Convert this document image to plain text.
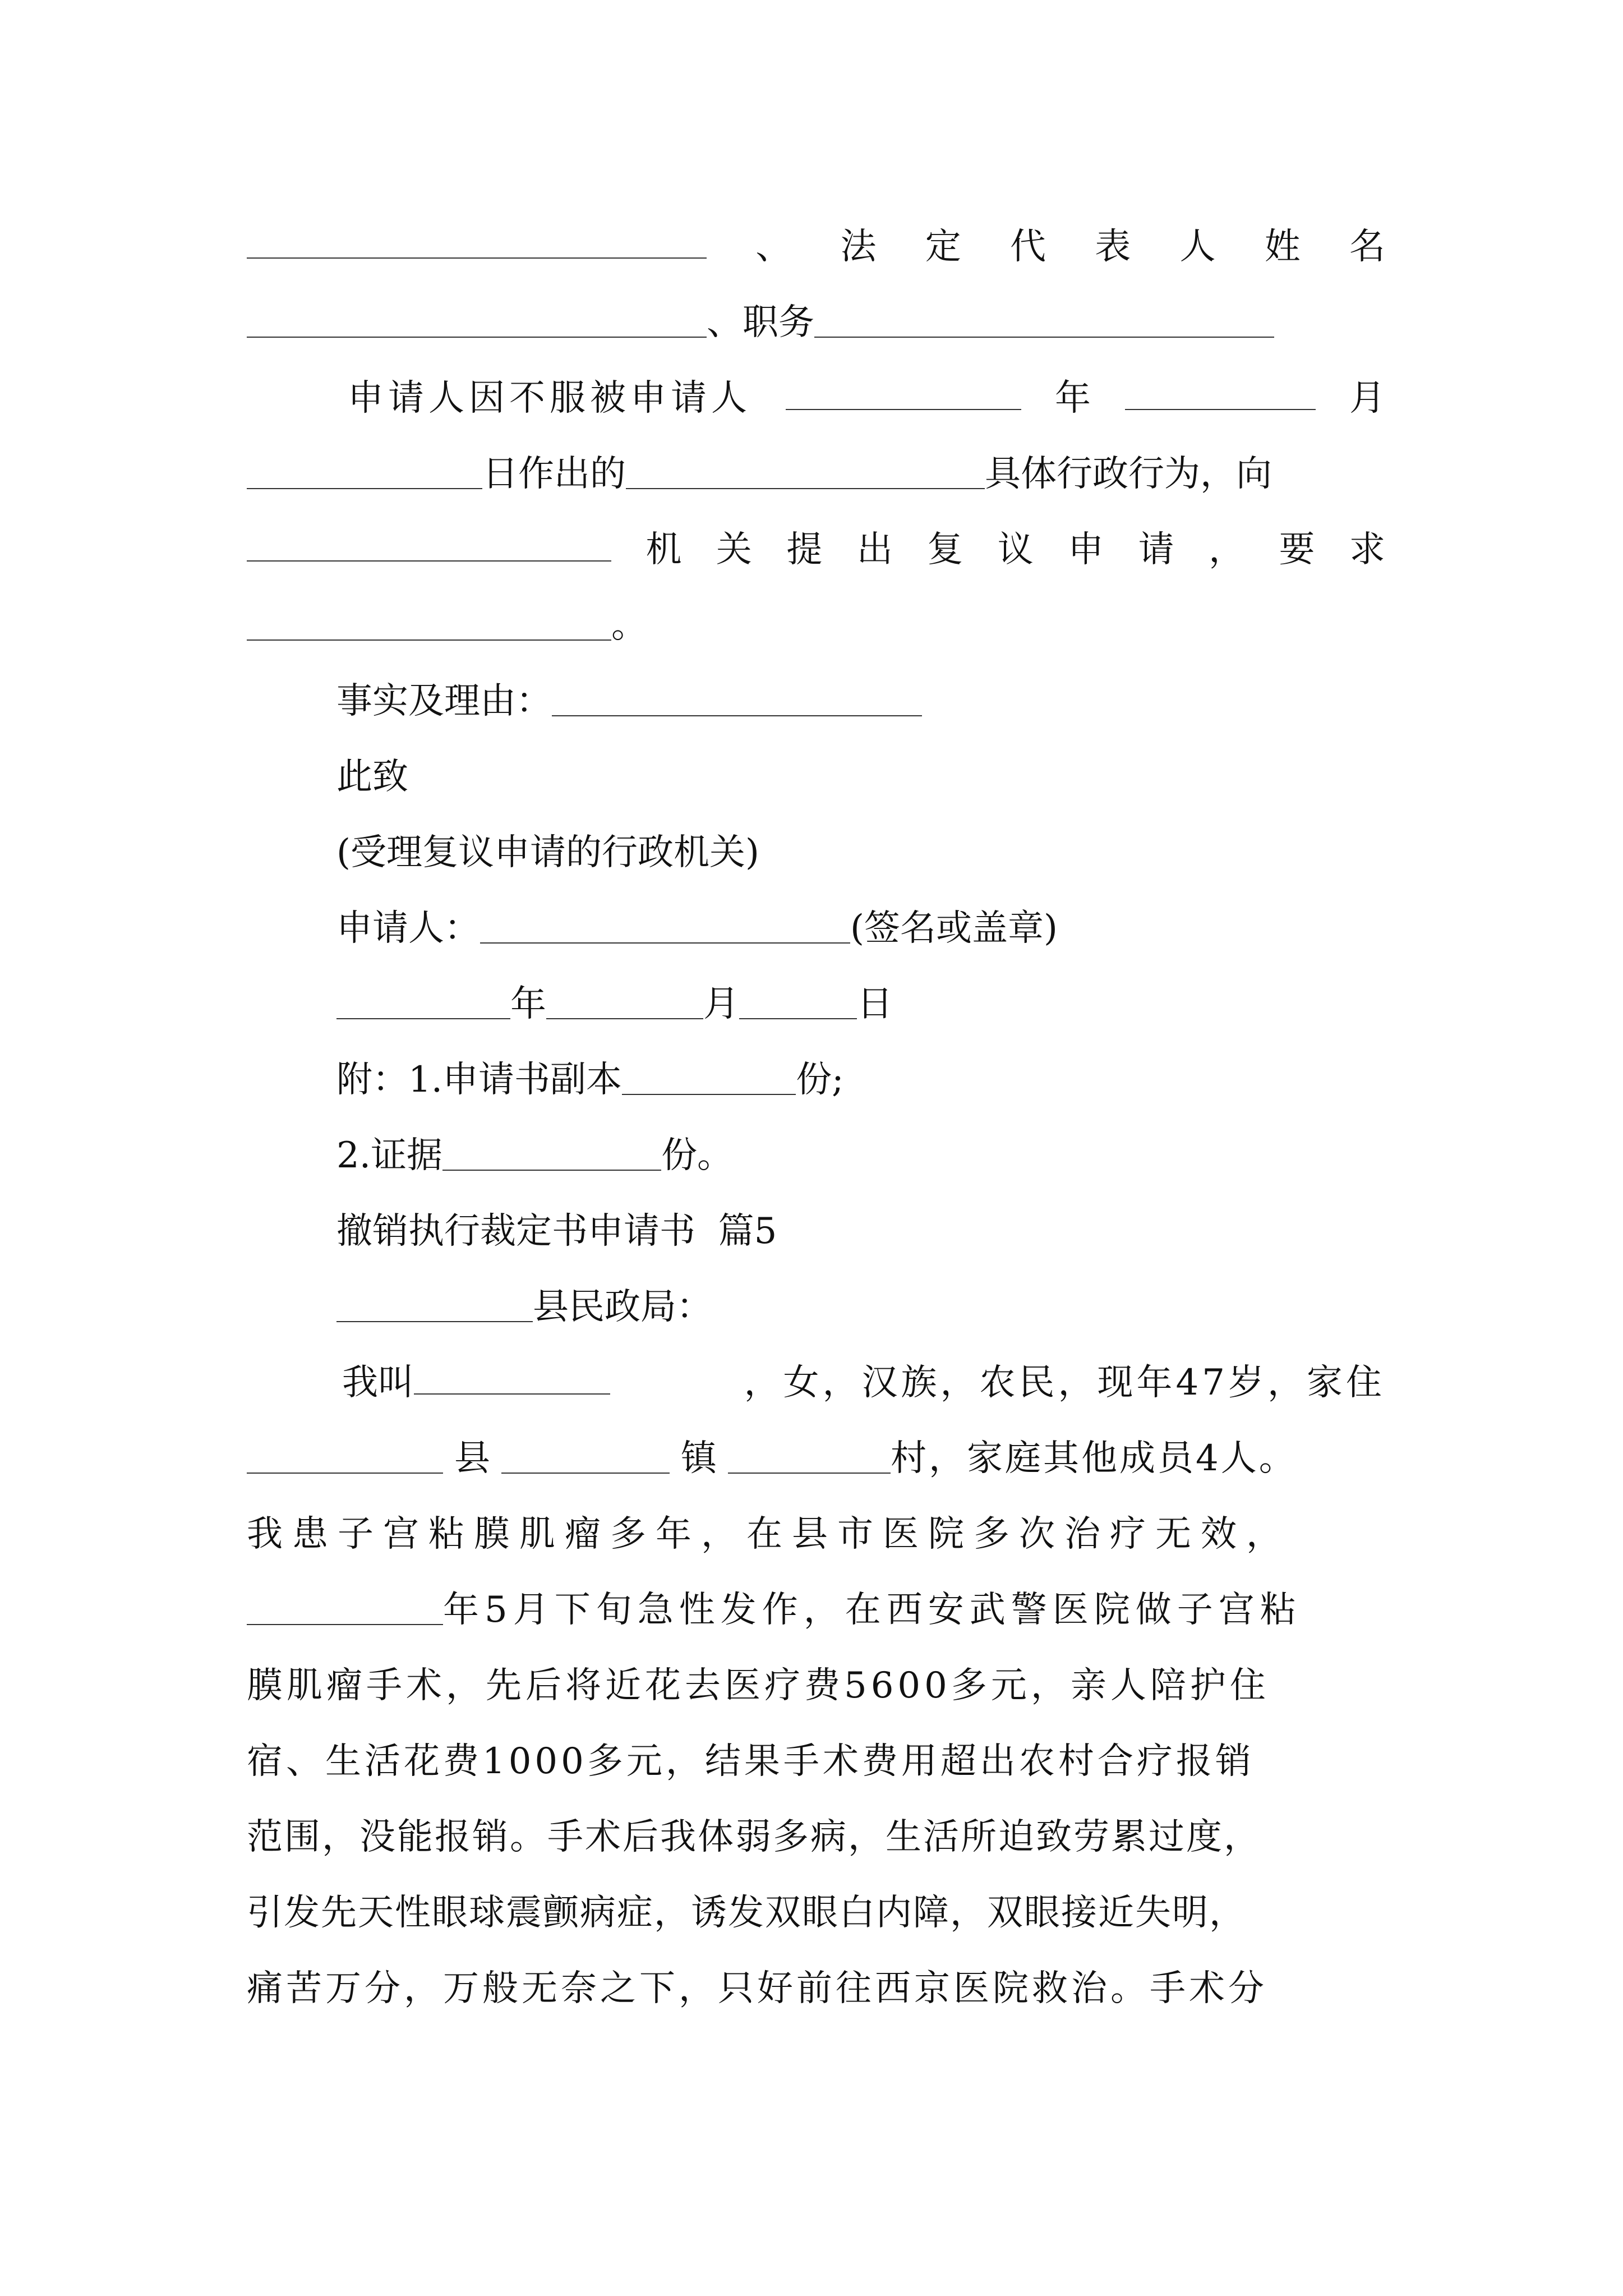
、 法 定 代 表 人 姓 名
、职务
申请人因不服被申请人	年	月
日作出的	具体行政行为，向
机 关 提 出 复 议 申 请 ， 要 求
。
事实及理由：
此致
(受理复议申请的行政机关)
申请人：	(签名或盖章)
年	月	日
附：1.申请书副本	份;
2.证据	份。
撤销执行裁定书申请书  篇5
县民政局：
我叫	，女，汉族，农民，现年47岁，家住
县	镇	村，家庭其他成员4人。
我患子宫粘膜肌瘤多年，在县市医院多次治疗无效，
年5月下旬急性发作，在西安武警医院做子宫粘
膜肌瘤手术，先后将近花去医疗费5600多元，亲人陪护住
宿、生活花费1000多元，结果手术费用超出农村合疗报销
范围，没能报销。手术后我体弱多病，生活所迫致劳累过度，
引发先天性眼球震颤病症，诱发双眼白内障，双眼接近失明，
痛苦万分，万般无奈之下，只好前往西京医院救治。手术分
